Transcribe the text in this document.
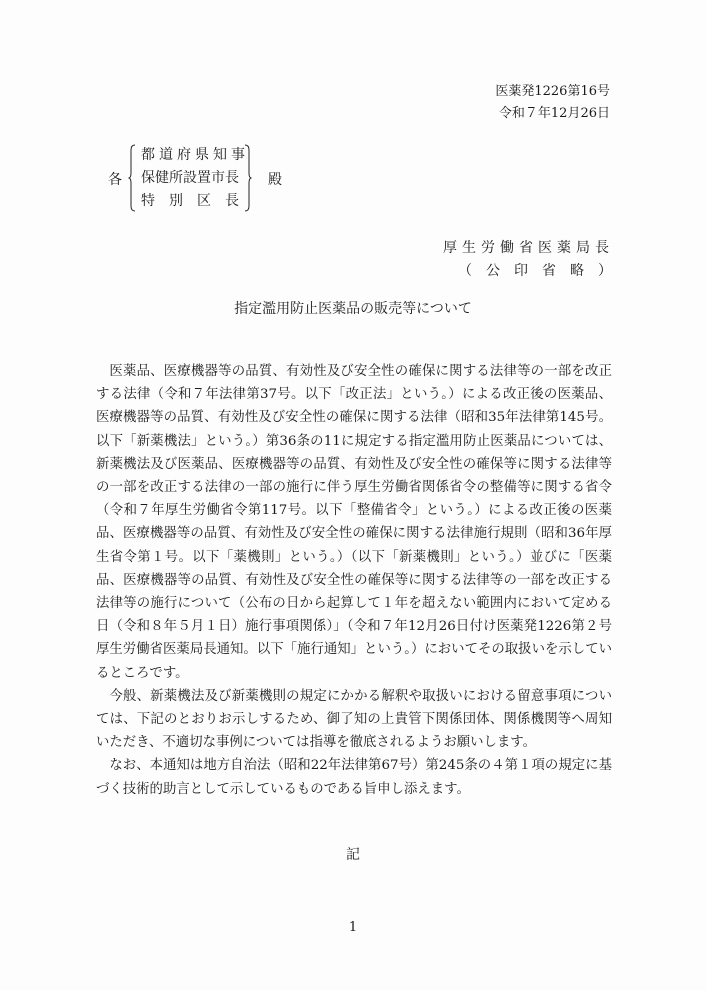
医薬発1226第16号
令和７年12月26日
各
都道府県知事
保健所設置市長
特　別　区　長
殿
厚生労働省医薬局長
（公印省略）
指定濫用防止医薬品の販売等について

医薬品、医療機器等の品質、有効性及び安全性の確保に関する法律等の一部を改正する法律（令和７年法律第37号。以下「改正法」という。）による改正後の医薬品、医療機器等の品質、有効性及び安全性の確保に関する法律（昭和35年法律第145号。以下「新薬機法」という。）第36条の11に規定する指定濫用防止医薬品については、新薬機法及び医薬品、医療機器等の品質、有効性及び安全性の確保等に関する法律等の一部を改正する法律の一部の施行に伴う厚生労働省関係省令の整備等に関する省令（令和７年厚生労働省令第117号。以下「整備省令」という。）による改正後の医薬品、医療機器等の品質、有効性及び安全性の確保に関する法律施行規則（昭和36年厚生省令第１号。以下「薬機則」という。）（以下「新薬機則」という。）並びに「医薬品、医療機器等の品質、有効性及び安全性の確保等に関する法律等の一部を改正する法律等の施行について（公布の日から起算して１年を超えない範囲内において定める日（令和８年５月１日）施行事項関係）」（令和７年12月26日付け医薬発1226第２号厚生労働省医薬局長通知。以下「施行通知」という。）においてその取扱いを示しているところです。

今般、新薬機法及び新薬機則の規定にかかる解釈や取扱いにおける留意事項については、下記のとおりお示しするため、御了知の上貴管下関係団体、関係機関等へ周知いただき、不適切な事例については指導を徹底されるようお願いします。

なお、本通知は地方自治法（昭和22年法律第67号）第245条の４第１項の規定に基づく技術的助言として示しているものである旨申し添えます。

記
1
